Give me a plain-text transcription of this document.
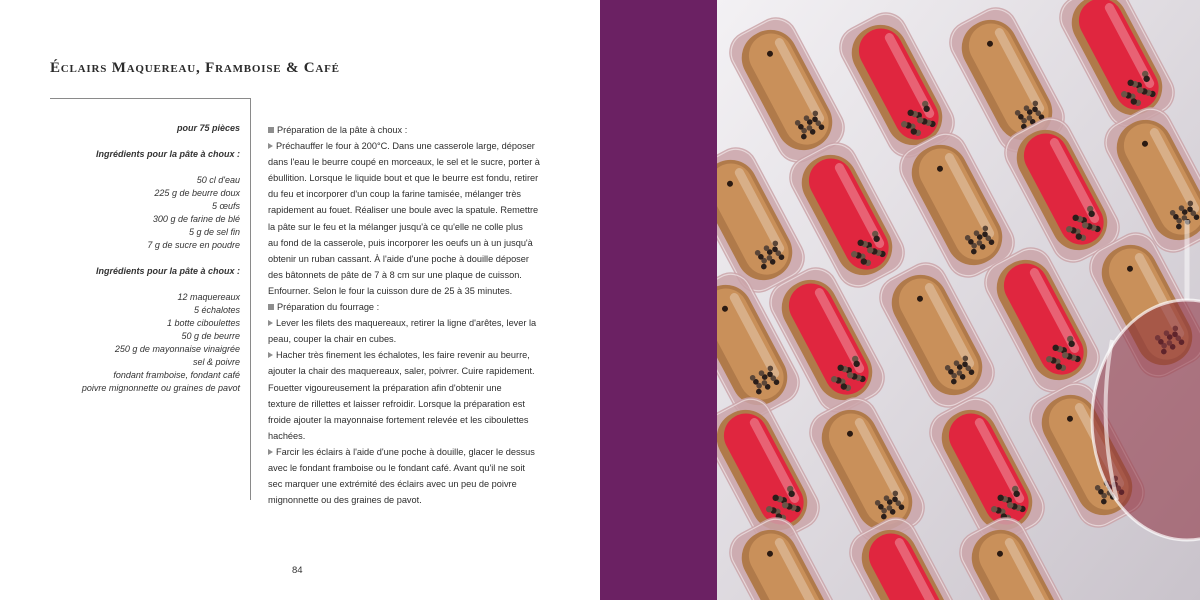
Éclairs Maquereau, Framboise & Café

pour 75 pièces

Ingrédients pour la pâte à choux :

50 cl d'eau

225 g de beurre doux

5 œufs

300 g de farine de blé

5 g de sel fin

7 g de sucre en poudre

Ingrédients pour la pâte à choux :

12 maquereaux

5 échalotes

1 botte ciboulettes

50 g de beurre

250 g de mayonnaise vinaigrée

sel & poivre

fondant framboise, fondant café

poivre mignonnette ou graines de pavot

Préparation de la pâte à choux :

Préchauffer le four à 200°C. Dans une casserole large, déposer

dans l'eau le beurre coupé en morceaux, le sel et le sucre, porter à

ébullition. Lorsque le liquide bout et que le beurre est fondu, retirer

du feu et incorporer d'un coup la farine tamisée, mélanger très

rapidement au fouet. Réaliser une boule avec la spatule. Remettre

la pâte sur le feu et la mélanger jusqu'à ce qu'elle ne colle plus

au fond de la casserole, puis incorporer les oeufs un à un jusqu'à

obtenir un ruban cassant. À l'aide d'une poche à douille déposer

des bâtonnets de pâte de 7 à 8 cm sur une plaque de cuisson.

Enfourner. Selon le four la cuisson dure de 25 à 35 minutes.

Préparation du fourrage :

Lever les filets des maquereaux, retirer la ligne d'arêtes, lever la

peau, couper la chair en cubes.

Hacher très finement les échalotes, les faire revenir au beurre,

ajouter la chair des maquereaux, saler, poivrer. Cuire rapidement.

Fouetter vigoureusement la préparation afin d'obtenir une

texture de rillettes et laisser refroidir. Lorsque la préparation est

froide ajouter la mayonnaise fortement relevée et les ciboulettes

hachées.

Farcir les éclairs à l'aide d'une poche à douille, glacer le dessus

avec le fondant framboise ou le fondant café. Avant qu'il ne soit

sec marquer une extrémité des éclairs avec un peu de poivre

mignonnette ou des graines de pavot.

84
